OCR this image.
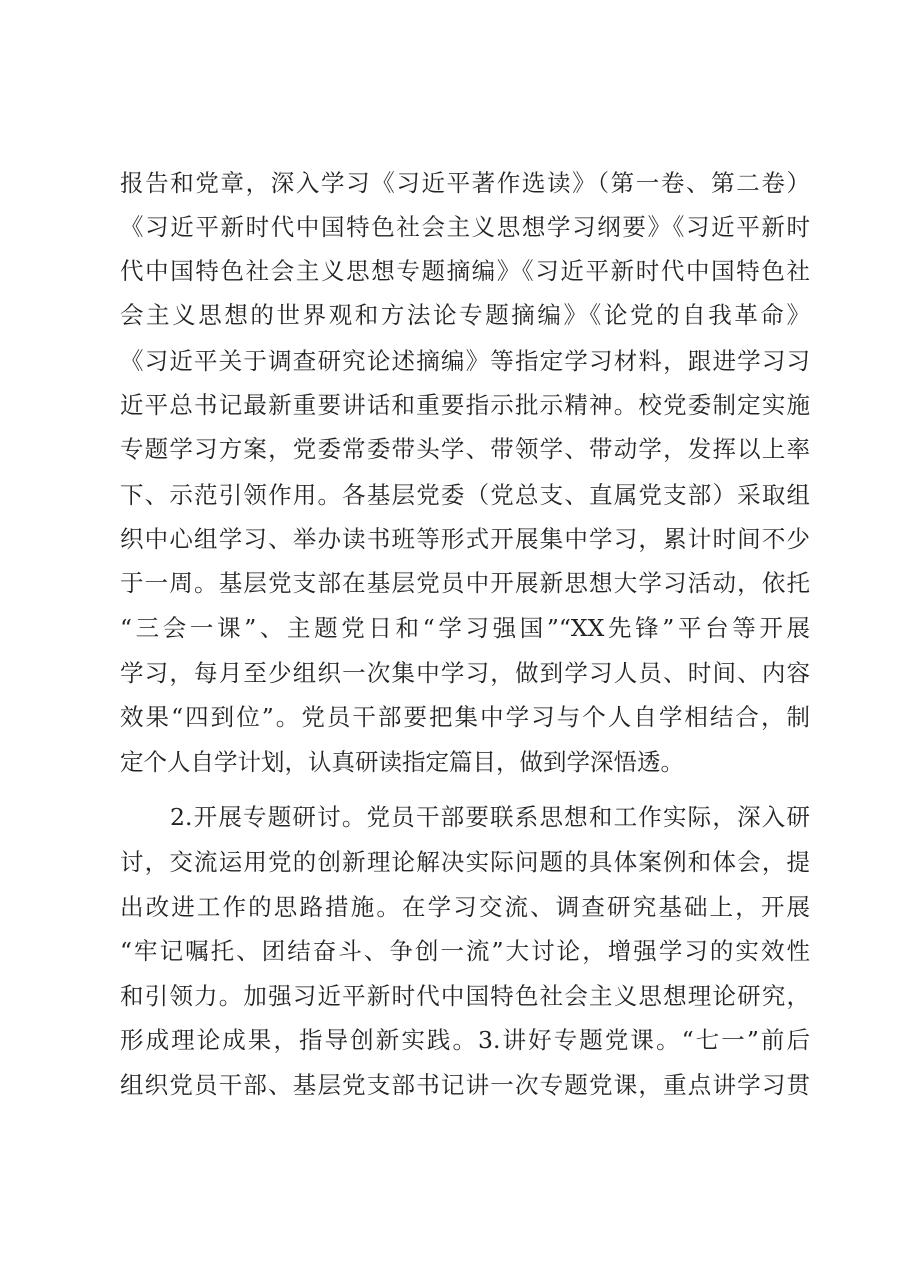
报告和党章，深入学习《习近平著作选读》（第一卷、第二卷）
《习近平新时代中国特色社会主义思想学习纲要》《习近平新时
代中国特色社会主义思想专题摘编》《习近平新时代中国特色社
会主义思想的世界观和方法论专题摘编》《论党的自我革命》
《习近平关于调查研究论述摘编》等指定学习材料，跟进学习习
近平总书记最新重要讲话和重要指示批示精神。校党委制定实施
专题学习方案，党委常委带头学、带领学、带动学，发挥以上率
下、示范引领作用。各基层党委（党总支、直属党支部）采取组
织中心组学习、举办读书班等形式开展集中学习，累计时间不少
于一周。基层党支部在基层党员中开展新思想大学习活动，依托
“三会一课”、主题党日和“学习强国”“XX先锋”平台等开展
学习，每月至少组织一次集中学习，做到学习人员、时间、内容
效果“四到位”。党员干部要把集中学习与个人自学相结合，制
定个人自学计划，认真研读指定篇目，做到学深悟透。
2.开展专题研讨。党员干部要联系思想和工作实际，深入研
讨，交流运用党的创新理论解决实际问题的具体案例和体会，提
出改进工作的思路措施。在学习交流、调查研究基础上，开展
“牢记嘱托、团结奋斗、争创一流”大讨论，增强学习的实效性
和引领力。加强习近平新时代中国特色社会主义思想理论研究，
形成理论成果，指导创新实践。3.讲好专题党课。“七一”前后
组织党员干部、基层党支部书记讲一次专题党课，重点讲学习贯
